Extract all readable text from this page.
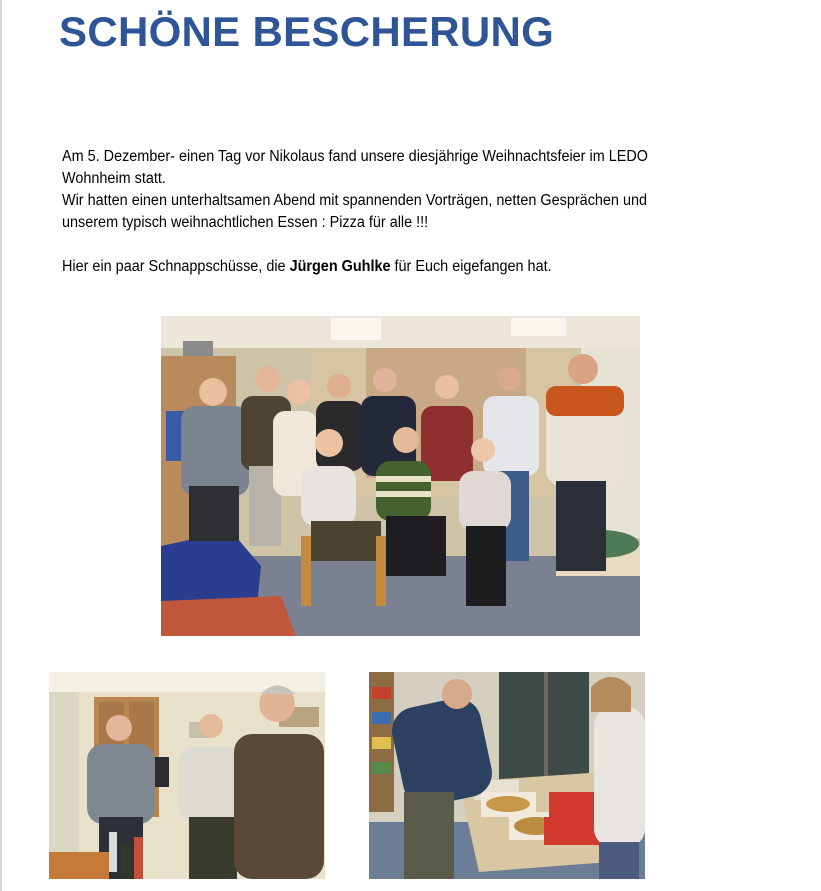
SCHÖNE BESCHERUNG

Am 5. Dezember- einen Tag vor Nikolaus fand unsere diesjährige Weihnachtsfeier im LEDO

Wohnheim statt.

Wir hatten einen unterhaltsamen Abend mit spannenden Vorträgen, netten Gesprächen und

unserem typisch weihnachtlichen Essen : Pizza für alle !!!

Hier ein paar Schnappschüsse, die Jürgen Guhlke für Euch eigefangen hat.
